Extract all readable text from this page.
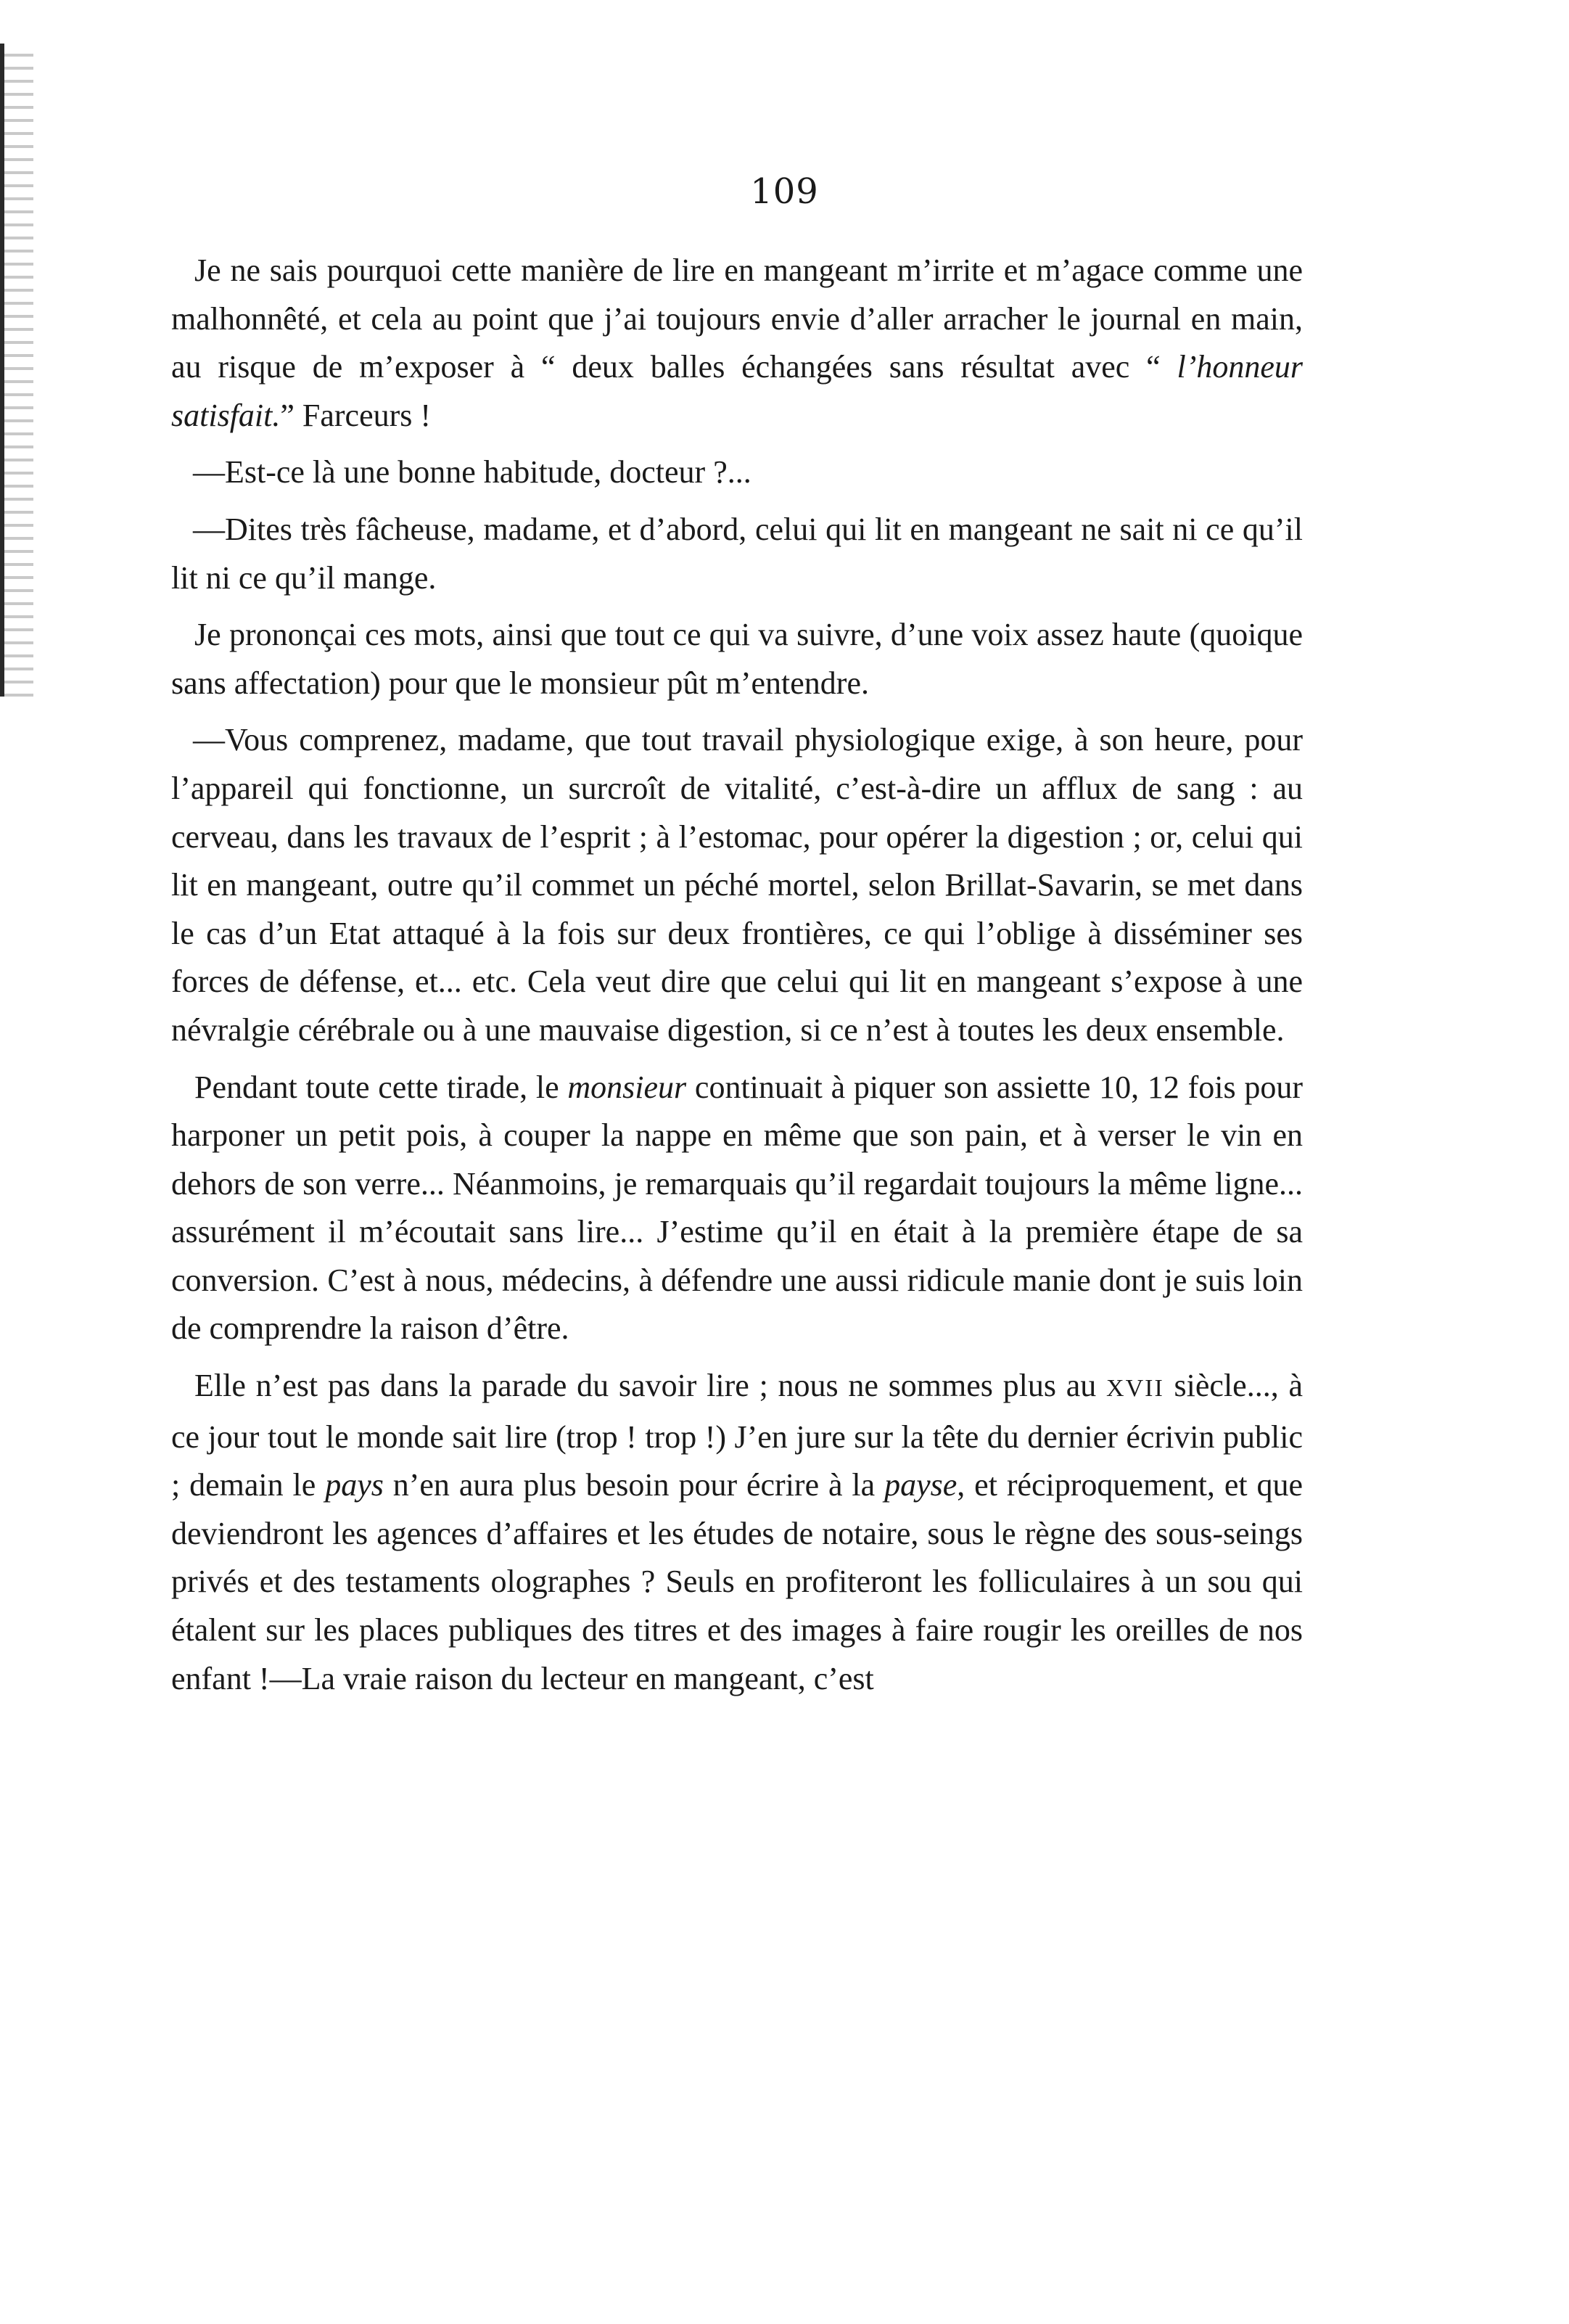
109

Je ne sais pourquoi cette manière de lire en mangeant m’irrite et m’agace comme une malhonnêté, et cela au point que j’ai toujours envie d’aller arracher le journal en main, au risque de m’exposer à “ deux balles échangées sans résultat avec “ l’honneur satisfait.” Farceurs !

—Est-ce là une bonne habitude, docteur ?...

—Dites très fâcheuse, madame, et d’abord, celui qui lit en mangeant ne sait ni ce qu’il lit ni ce qu’il mange.

Je prononçai ces mots, ainsi que tout ce qui va suivre, d’une voix assez haute (quoique sans affectation) pour que le monsieur pût m’entendre.

—Vous comprenez, madame, que tout travail physiologique exige, à son heure, pour l’appareil qui fonctionne, un surcroît de vitalité, c’est-à-dire un afflux de sang : au cerveau, dans les travaux de l’esprit ; à l’estomac, pour opérer la digestion ; or, celui qui lit en mangeant, outre qu’il commet un péché mortel, selon Brillat-Savarin, se met dans le cas d’un Etat attaqué à la fois sur deux frontières, ce qui l’oblige à disséminer ses forces de défense, et... etc. Cela veut dire que celui qui lit en mangeant s’expose à une névralgie cérébrale ou à une mauvaise digestion, si ce n’est à toutes les deux ensemble.

Pendant toute cette tirade, le monsieur continuait à piquer son assiette 10, 12 fois pour harponer un petit pois, à couper la nappe en même que son pain, et à verser le vin en dehors de son verre... Néanmoins, je remarquais qu’il regardait toujours la même ligne... assurément il m’écoutait sans lire... J’estime qu’il en était à la première étape de sa conversion. C’est à nous, médecins, à défendre une aussi ridicule manie dont je suis loin de comprendre la raison d’être.

Elle n’est pas dans la parade du savoir lire ; nous ne sommes plus au XVII siècle..., à ce jour tout le monde sait lire (trop ! trop !) J’en jure sur la tête du dernier écrivin public ; demain le pays n’en aura plus besoin pour écrire à la payse, et réciproquement, et que deviendront les agences d’affaires et les études de notaire, sous le règne des sous-seings privés et des testaments olographes ? Seuls en profiteront les folliculaires à un sou qui étalent sur les places publiques des titres et des images à faire rougir les oreilles de nos enfant !—La vraie raison du lecteur en mangeant, c’est
